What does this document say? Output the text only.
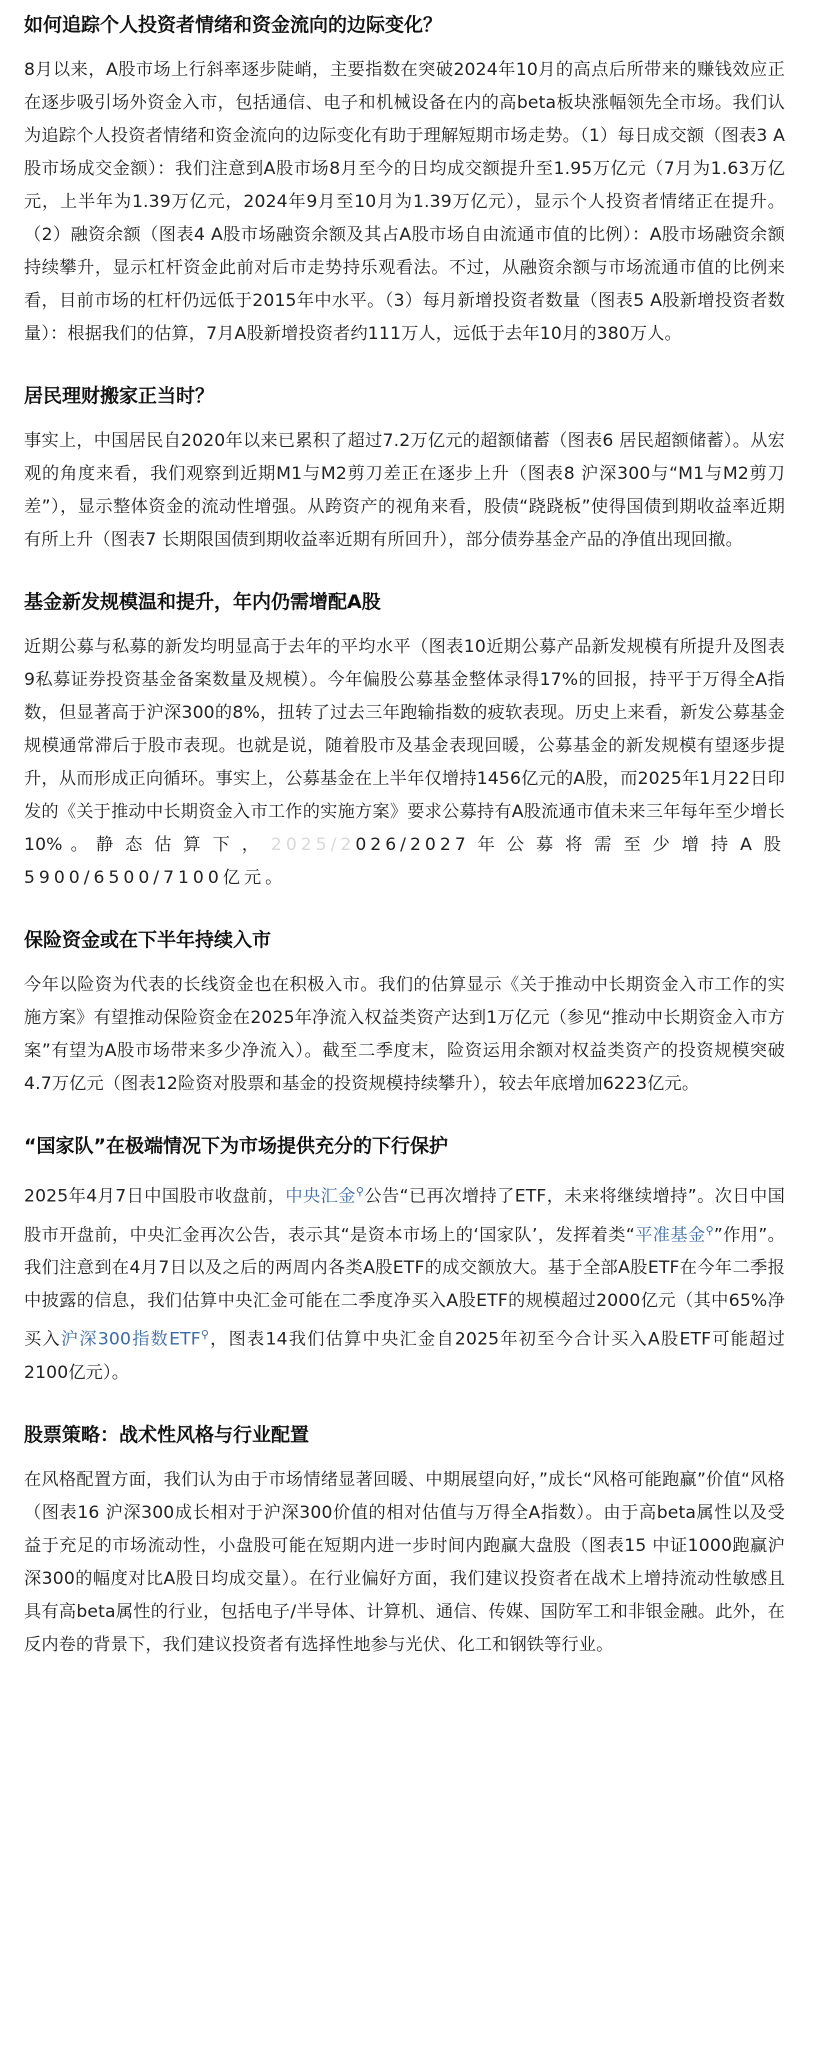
如何追踪个人投资者情绪和资金流向的边际变化？

8月以来，A股市场上行斜率逐步陡峭，主要指数在突破2024年10月的高点后所带来的赚钱效应正在逐步吸引场外资金入市，包括通信、电子和机械设备在内的高beta板块涨幅领先全市场。我们认为追踪个人投资者情绪和资金流向的边际变化有助于理解短期市场走势。（1）每日成交额（图表3 A股市场成交金额）：我们注意到A股市场8月至今的日均成交额提升至1.95万亿元（7月为1.63万亿元，上半年为1.39万亿元，2024年9月至10月为1.39万亿元），显示个人投资者情绪正在提升。（2）融资余额（图表4 A股市场融资余额及其占A股市场自由流通市值的比例）：A股市场融资余额持续攀升，显示杠杆资金此前对后市走势持乐观看法。不过，从融资余额与市场流通市值的比例来看，目前市场的杠杆仍远低于2015年中水平。（3）每月新增投资者数量（图表5 A股新增投资者数量）：根据我们的估算，7月A股新增投资者约111万人，远低于去年10月的380万人。

居民理财搬家正当时？

事实上，中国居民自2020年以来已累积了超过7.2万亿元的超额储蓄（图表6 居民超额储蓄）。从宏观的角度来看，我们观察到近期M1与M2剪刀差正在逐步上升（图表8 沪深300与“M1与M2剪刀差”），显示整体资金的流动性增强。从跨资产的视角来看，股债“跷跷板”使得国债到期收益率近期有所上升（图表7 长期限国债到期收益率近期有所回升），部分债券基金产品的净值出现回撤。

基金新发规模温和提升，年内仍需增配A股

近期公募与私募的新发均明显高于去年的平均水平（图表10近期公募产品新发规模有所提升及图表9私募证券投资基金备案数量及规模）。今年偏股公募基金整体录得17%的回报，持平于万得全A指数，但显著高于沪深300的8%，扭转了过去三年跑输指数的疲软表现。历史上来看，新发公募基金规模通常滞后于股市表现。也就是说，随着股市及基金表现回暖，公募基金的新发规模有望逐步提升，从而形成正向循环。事实上，公募基金在上半年仅增持1456亿元的A股，而2025年1月22日印发的《关于推动中长期资金入市工作的实施方案》要求公募持有A股流通市值未来三年每年至少增长10%。静态估算下，2025/2026/2027年公募将需至少增持A股5900/6500/7100亿元。

保险资金或在下半年持续入市

今年以险资为代表的长线资金也在积极入市。我们的估算显示《关于推动中长期资金入市工作的实施方案》有望推动保险资金在2025年净流入权益类资产达到1万亿元（参见“推动中长期资金入市方案”有望为A股市场带来多少净流入）。截至二季度末，险资运用余额对权益类资产的投资规模突破4.7万亿元（图表12险资对股票和基金的投资规模持续攀升），较去年底增加6223亿元。

“国家队”在极端情况下为市场提供充分的下行保护

2025年4月7日中国股市收盘前，中央汇金⚲公告“已再次增持了ETF，未来将继续增持”。次日中国股市开盘前，中央汇金再次公告，表示其“是资本市场上的‘国家队’，发挥着类“平准基金⚲”作用”。我们注意到在4月7日以及之后的两周内各类A股ETF的成交额放大。基于全部A股ETF在今年二季报中披露的信息，我们估算中央汇金可能在二季度净买入A股ETF的规模超过2000亿元（其中65%净买入沪深300指数ETF⚲，图表14我们估算中央汇金自2025年初至今合计买入A股ETF可能超过2100亿元）。

股票策略：战术性风格与行业配置

在风格配置方面，我们认为由于市场情绪显著回暖、中期展望向好，”成长“风格可能跑赢”价值“风格（图表16 沪深300成长相对于沪深300价值的相对估值与万得全A指数）。由于高beta属性以及受益于充足的市场流动性，小盘股可能在短期内进一步时间内跑赢大盘股（图表15 中证1000跑赢沪深300的幅度对比A股日均成交量）。在行业偏好方面，我们建议投资者在战术上增持流动性敏感且具有高beta属性的行业，包括电子/半导体、计算机、通信、传媒、国防军工和非银金融。此外，在反内卷的背景下，我们建议投资者有选择性地参与光伏、化工和钢铁等行业。
